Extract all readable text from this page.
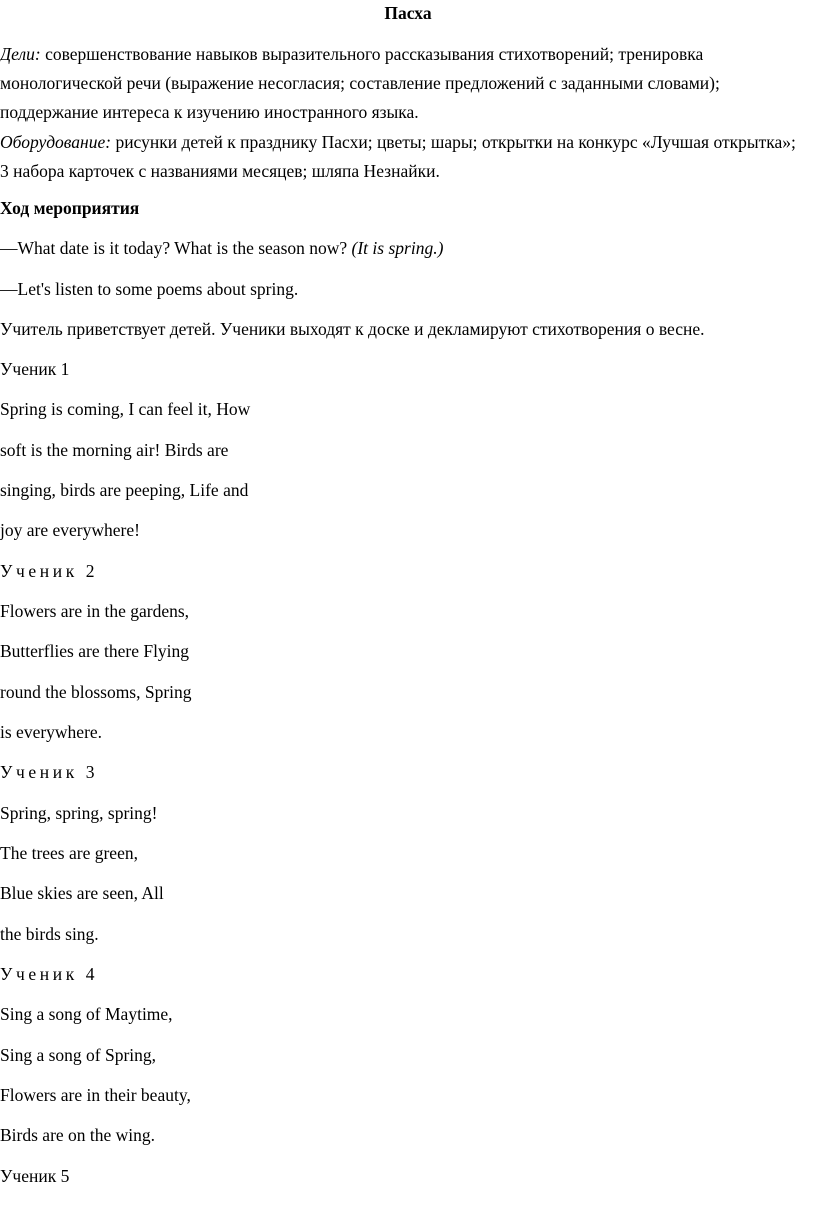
Пасха

Дели: совершенствование навыков выразительного рассказывания стихотворений; тренировка монологической речи (выражение несогласия; составление предложений с заданными словами); поддержание интереса к изучению иностранного языка.

Оборудование: рисунки детей к празднику Пасхи; цветы; шары; открытки на конкурс «Лучшая открытка»; 3 набора карточек с названиями месяцев; шляпа Незнайки.

Ход мероприятия
—What date is it today? What is the season now? (It is spring.)
—Let's listen to some poems about spring.
Учитель приветствует детей. Ученики выходят к доске и декламируют стихотворения о весне.
Ученик 1
Spring is coming, I can feel it, How
soft is the morning air! Birds are
singing, birds are peeping, Life and
joy are everywhere!
Ученик 2
Flowers are in the gardens,
Butterflies are there Flying
round the blossoms, Spring
is everywhere.
Ученик 3
Spring, spring, spring!
The trees are green,
Blue skies are seen, All
the birds sing.
Ученик 4
Sing a song of Maytime,
Sing a song of Spring,
Flowers are in their beauty,
Birds are on the wing.
Ученик 5
